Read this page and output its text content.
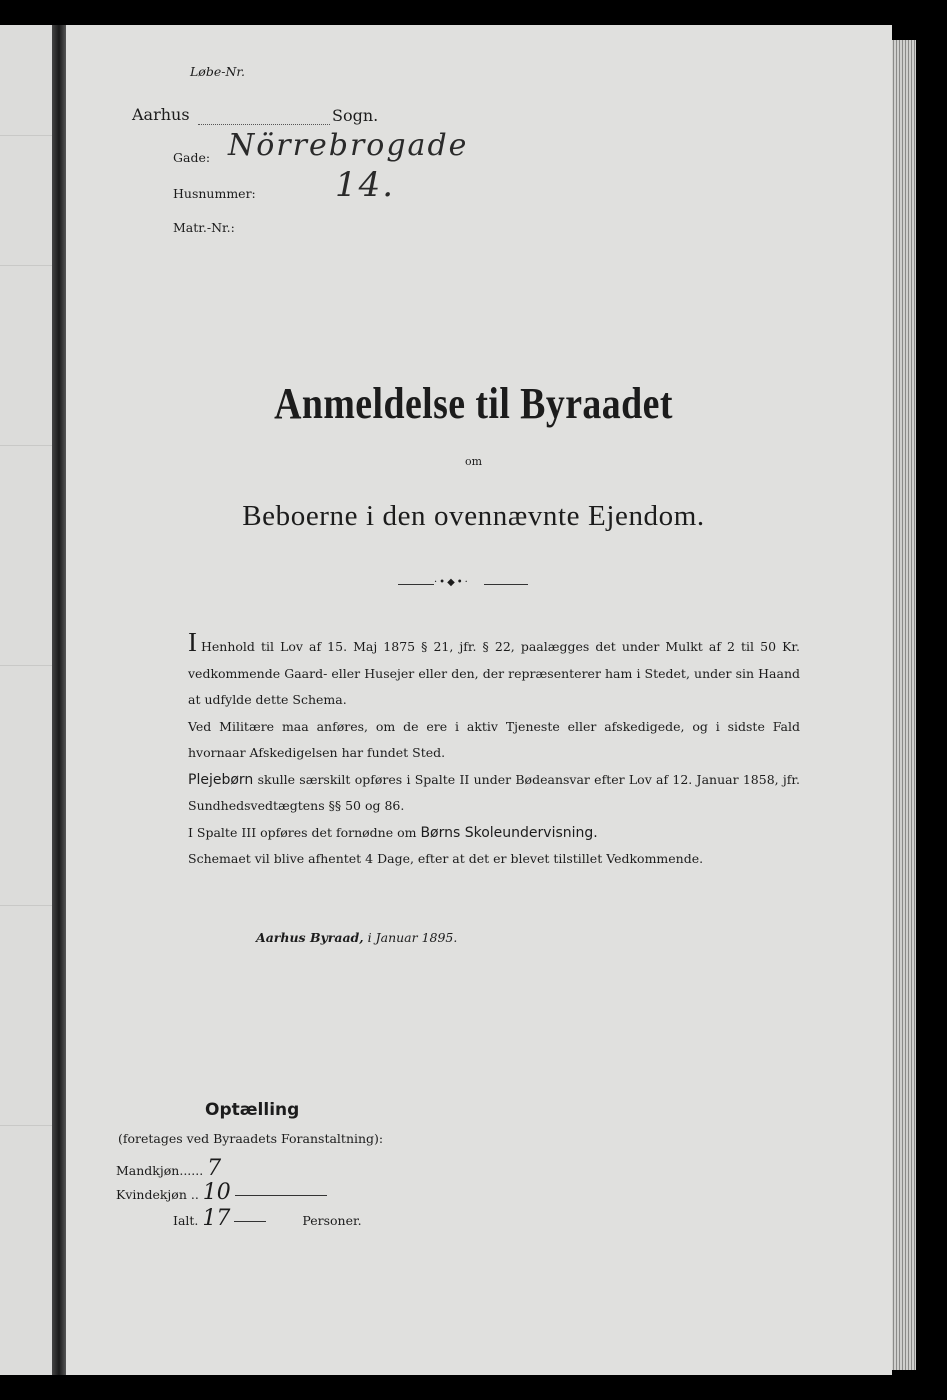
Løbe-Nr.
Aarhus	Sogn.
Gade: Nörrebrogade
Husnummer: 14.
Matr.-Nr.:
Anmeldelse til Byraadet
om
Beboerne i den ovennævnte Ejendom.
·•◆•·

I Henhold til Lov af 15. Maj 1875 § 21, jfr. § 22, paalægges det under Mulkt af 2 til 50 Kr. vedkommende Gaard- eller Husejer eller den, der repræsenterer ham i Stedet, under sin Haand at udfylde dette Schema.

Ved Militære maa anføres, om de ere i aktiv Tjeneste eller afskedigede, og i sidste Fald hvornaar Afskedigelsen har fundet Sted.

Plejebørn skulle særskilt opføres i Spalte II under Bødeansvar efter Lov af 12. Januar 1858, jfr. Sundhedsvedtægtens §§ 50 og 86.

I Spalte III opføres det fornødne om Børns Skoleundervisning.

Schemaet vil blive afhentet 4 Dage, efter at det er blevet tilstillet Vedkommende.

Aarhus Byraad, i Januar 1895.
Optælling
(foretages ved Byraadets Foranstaltning):
Mandkjøn...... 7
Kvindekjøn .. 10
Ialt. 17	Personer.
